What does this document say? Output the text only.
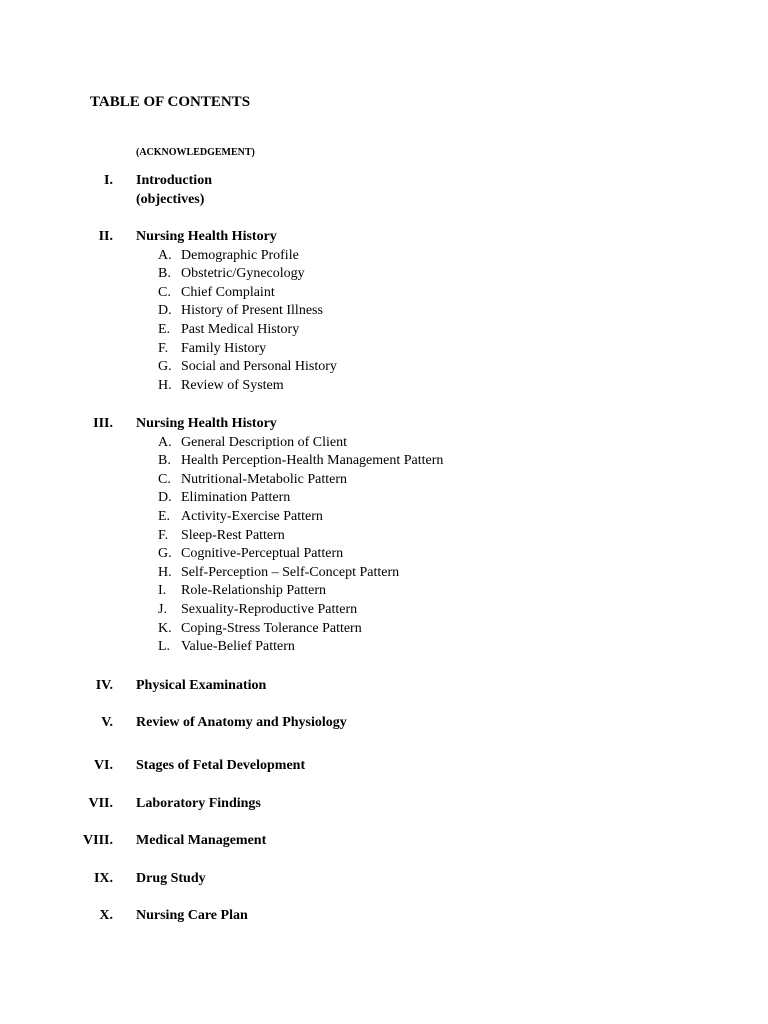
TABLE OF CONTENTS
(ACKNOWLEDGEMENT)
I. Introduction
(objectives)
II. Nursing Health History
A. Demographic Profile
B. Obstetric/Gynecology
C. Chief Complaint
D. History of Present Illness
E. Past Medical History
F. Family History
G. Social and Personal History
H. Review of System
III. Nursing Health History
A. General Description of Client
B. Health Perception-Health Management Pattern
C. Nutritional-Metabolic Pattern
D. Elimination Pattern
E. Activity-Exercise Pattern
F. Sleep-Rest Pattern
G. Cognitive-Perceptual Pattern
H. Self-Perception – Self-Concept Pattern
I. Role-Relationship Pattern
J. Sexuality-Reproductive Pattern
K. Coping-Stress Tolerance Pattern
L. Value-Belief Pattern
IV. Physical Examination
V. Review of Anatomy and Physiology
VI. Stages of Fetal Development
VII. Laboratory Findings
VIII. Medical Management
IX. Drug Study
X. Nursing Care Plan
